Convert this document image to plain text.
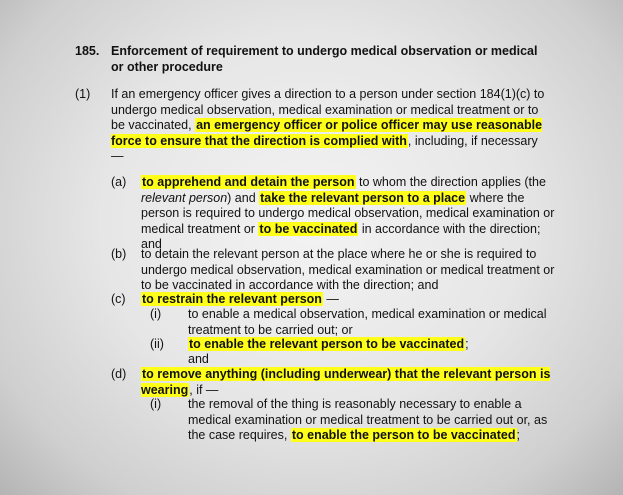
185. Enforcement of requirement to undergo medical observation or medical or other procedure
(1) If an emergency officer gives a direction to a person under section 184(1)(c) to undergo medical observation, medical examination or medical treatment or to be vaccinated, an emergency officer or police officer may use reasonable force to ensure that the direction is complied with, including, if necessary —
(a) to apprehend and detain the person to whom the direction applies (the relevant person) and take the relevant person to a place where the person is required to undergo medical observation, medical examination or medical treatment or to be vaccinated in accordance with the direction; and
(b) to detain the relevant person at the place where he or she is required to undergo medical observation, medical examination or medical treatment or to be vaccinated in accordance with the direction; and
(c) to restrain the relevant person —
(i) to enable a medical observation, medical examination or medical treatment to be carried out; or
(ii) to enable the relevant person to be vaccinated;
and
(d) to remove anything (including underwear) that the relevant person is wearing, if —
(i) the removal of the thing is reasonably necessary to enable a medical examination or medical treatment to be carried out or, as the case requires, to enable the person to be vaccinated;
